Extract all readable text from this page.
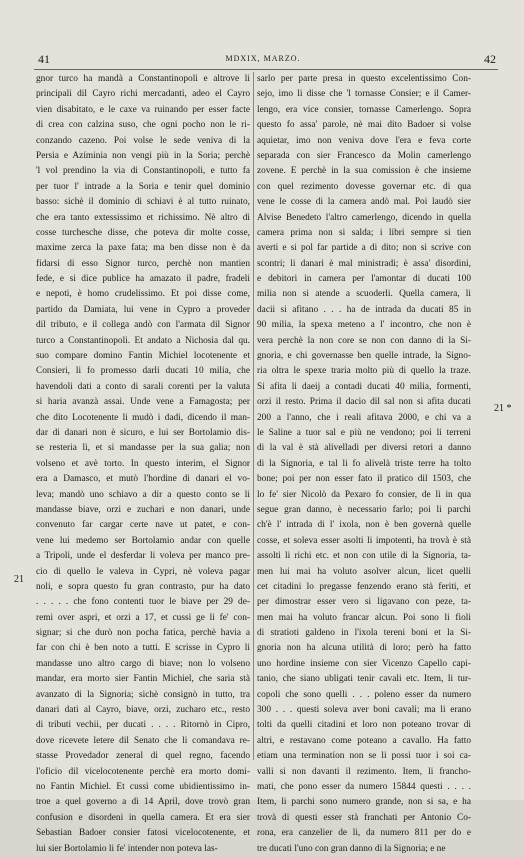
41	MDXIX, MARZO.	42
gnor turco ha mandà a Constantinopoli e altrove li
principali dil Cayro richi mercadanti, adeo el Cayro
vien disabitato, e le caxe va ruinando per esser facte
di crea con calzina suso, che ogni pocho non le ri-
conzando cazeno. Poi volse le sede veniva di la
Persia e Azíminia non vengi più in la Soria; perchè
'l vol prendino la via di Constantinopoli, e tutto fa
per tuor l' intrade a la Soria e tenir quel dominio
basso: sichè il dominio di schiavi è al tutto ruinato,
che era tanto extessissimo et richissimo. Nè altro di
cosse turchesche disse, che poteva dir molte cosse,
maxime zerca la paxe fata; ma ben disse non è da
fidarsi di esso Signor turco, perchè non mantien
fede, e si dice publice ha amazato il padre, fradeli
e nepoti, è homo crudelissimo. Et poi disse come,
partido da Damiata, lui vene in Cypro a proveder
dil tributo, e il collega andò con l'armata dil Signor
turco a Constantinopoli. Et andato a Nichosia dal qu.
suo compare domino Fantin Michiel locotenente et
Consieri, li fo promesso darli ducati 10 milia, che
havendoli dati a conto di sarali corenti per la valuta
si haria avanzà assai. Unde vene a Famagosta; per
che dito Locotenente li mudò i dadi, dicendo il man-
dar di danari non è sicuro, e lui ser Bortolamio dis-
se resteria lì, et si mandasse per la sua galia; non
volseno et avè torto. In questo interim, el Signor
era a Damasco, et mutò l'hordine di danari el vo-
leva; mandò uno schiavo a dir a questo conto se li
mandasse biave, orzi e zuchari e non danari, unde
convenuto far cargar certe nave ut patet, e con-
vene lui medemo ser Bortolamio andar con quelle
a Tripoli, unde el desferdar li voleva per manco pre-
cio di quello le valeva in Cypri, nè voleva pagar
noli, e sopra questo fu gran contrasto, pur ha dato
. . . . . che fono contenti tuor le biave per 29 de-
remi over aspri, et orzi a 17, et cussì ge li fe' con-
signar; si che durò non pocha fatica, perchè havia a
far con chi è ben noto a tutti. E scrisse in Cypro li
mandasse uno altro cargo di biave; non lo volseno
mandar, era morto sier Fantin Michiel, che saria stà
avanzato di la Signoria; sichè consignò in tutto, tra
danari dati al Cayro, biave, orzi, zucharo etc., resto
di tributi vechii, per ducati . . . . Ritornò in Cipro,
dove ricevete letere dil Senato che li comandava re-
stasse Provedador zeneral di quel regno, facendo
l'oficio dil vicelocotenente perchè era morto domi-
no Fantin Michiel. Et cussì come ubidientissimo in-
troe a quel governo a dì 14 April, dove trovò gran
confusion e disordeni in quella camera. Et era sier
Sebastian Badoer consier fatosi vicelocotenente, et
lui sier Bortolamio li fe' intender non poteva las-
sarlo per parte presa in questo excelentissimo Con-
sejo, imo li disse che 'l tornasse Consier; e il Camer-
lengo, era vice consier, tornasse Camerlengo. Sopra
questo fo assa' parole, nè mai dito Badoer si volse
aquietar, imo non veniva dove l'era e feva corte
separada con sier Francesco da Molin camerlengo
zovene. E perchè in la sua comission è che insieme
con quel rezimento dovesse governar etc. di qua
vene le cosse di la camera andò mal. Poi laudò sier
Alvise Benedeto l'altro camerlengo, dicendo in quella
camera prima non si salda; i libri sempre si tien
averti e si pol far partide a di dito; non si scrive con
scontri; li danari è mal ministradi; è assa' disordini,
e debitori in camera per l'amontar di ducati 100
milia non si atende a scuoderli. Quella camera, li
dacii si afitano . . . ha de intrada da ducati 85 in
90 milia, la spexa meteno a l' incontro, che non è
vera perchè la non core se non con danno di la Si-
gnoria, e chi governasse ben quelle intrade, la Signo-
ria oltra le spexe traria molto più di quello la traze.
Si afita li daeij a contadi ducati 40 milia, formenti,
orzi il resto. Prima il dacio dil sal non si afita ducati
200 a l'anno, che i reali afitava 2000, e chi va a
le Saline a tuor sal e più ne vendono; poi li terreni
di la val è stà alivelladi per diversi retori a danno
di la Signoria, e tal li fo alivelà triste terre ha tolto
bone; poi per non esser fato il pratico dil 1503, che
lo fe' sier Nicolò da Pexaro fo consier, de lì in qua
segue gran danno, è necessario farlo; poi li parchi
ch'è l' intrada di l' ixola, non è ben governà quelle
cosse, et soleva esser asolti li impotenti, ha trovà è stà
assolti li richi etc. et non con utile di la Signoria, ta-
men lui mai ha voluto asolver alcun, licet quelli
cet citadini lo pregasse fenzendo erano stà feriti, et
per dimostrar esser vero si ligavano con peze, ta-
men mai ha voluto francar alcun. Poi sono li fioli
di stratioti galdeno in l'ixola tereni boni et la Si-
gnoria non ha alcuna utilità di loro; però ha fatto
uno hordine insieme con sier Vicenzo Capello capi-
tanio, che siano ubligati tenir cavali etc. Item, li tur-
copoli che sono quelli . . . poleno esser da numero
300 . . . questi soleva aver boni cavali; ma li erano
tolti da quelli citadini et loro non poteano trovar di
altri, e restavano come poteano a cavallo. Ha fatto
etiam una terminatíon non se li possi tuor i soi ca-
valli si non davanti il rezimento. Item, li francho-
mati, che pono esser da numero 15844 questi . . . .
Item, li parchi sono numero grande, non si sa, e ha
trovà di questi esser stà franchati per Antonio Co-
rona, era canzelier de li, da numero 811 per do e
tre ducati l'uno con gran danno di la Signoria; e ne
21
21 *
